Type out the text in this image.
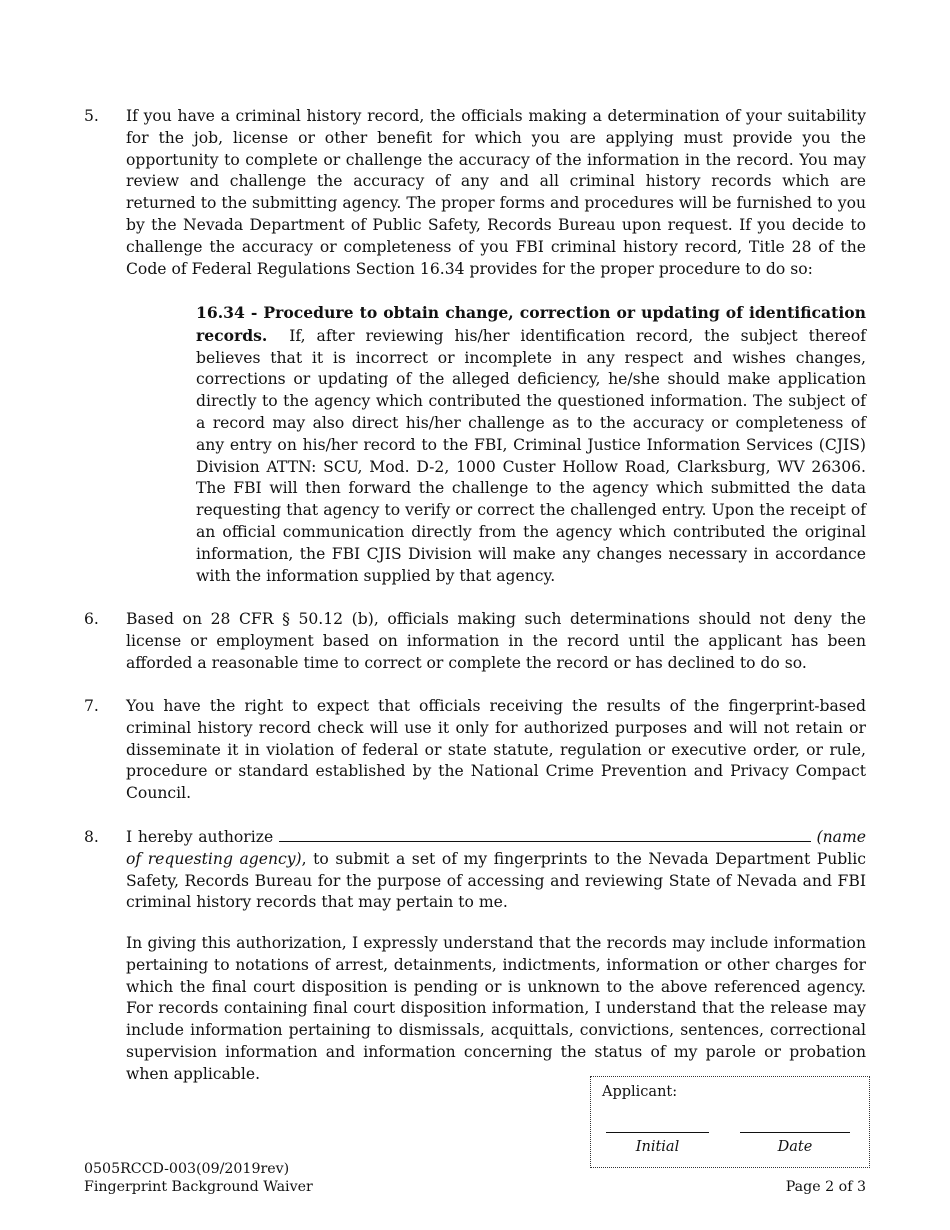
5.	If you have a criminal history record, the officials making a determination of your suitability for the job, license or other benefit for which you are applying must provide you the opportunity to complete or challenge the accuracy of the information in the record. You may review and challenge the accuracy of any and all criminal history records which are returned to the submitting agency. The proper forms and procedures will be furnished to you by the Nevada Department of Public Safety, Records Bureau upon request. If you decide to challenge the accuracy or completeness of you FBI criminal history record, Title 28 of the Code of Federal Regulations Section 16.34 provides for the proper procedure to do so:
16.34 - Procedure to obtain change, correction or updating of identification records. If, after reviewing his/her identification record, the subject thereof believes that it is incorrect or incomplete in any respect and wishes changes, corrections or updating of the alleged deficiency, he/she should make application directly to the agency which contributed the questioned information. The subject of a record may also direct his/her challenge as to the accuracy or completeness of any entry on his/her record to the FBI, Criminal Justice Information Services (CJIS) Division ATTN: SCU, Mod. D-2, 1000 Custer Hollow Road, Clarksburg, WV 26306. The FBI will then forward the challenge to the agency which submitted the data requesting that agency to verify or correct the challenged entry. Upon the receipt of an official communication directly from the agency which contributed the original information, the FBI CJIS Division will make any changes necessary in accordance with the information supplied by that agency.
6.	Based on 28 CFR § 50.12 (b), officials making such determinations should not deny the license or employment based on information in the record until the applicant has been afforded a reasonable time to correct or complete the record or has declined to do so.
7.	You have the right to expect that officials receiving the results of the fingerprint-based criminal history record check will use it only for authorized purposes and will not retain or disseminate it in violation of federal or state statute, regulation or executive order, or rule, procedure or standard established by the National Crime Prevention and Privacy Compact Council.
8.	I hereby authorize	(name of requesting agency), to submit a set of my fingerprints to the Nevada Department Public Safety, Records Bureau for the purpose of accessing and reviewing State of Nevada and FBI criminal history records that may pertain to me.
In giving this authorization, I expressly understand that the records may include information pertaining to notations of arrest, detainments, indictments, information or other charges for which the final court disposition is pending or is unknown to the above referenced agency. For records containing final court disposition information, I understand that the release may include information pertaining to dismissals, acquittals, convictions, sentences, correctional supervision information and information concerning the status of my parole or probation when applicable.
Applicant:
Initial	Date
0505RCCD-003(09/2019rev)
Fingerprint Background Waiver	Page 2 of 3
